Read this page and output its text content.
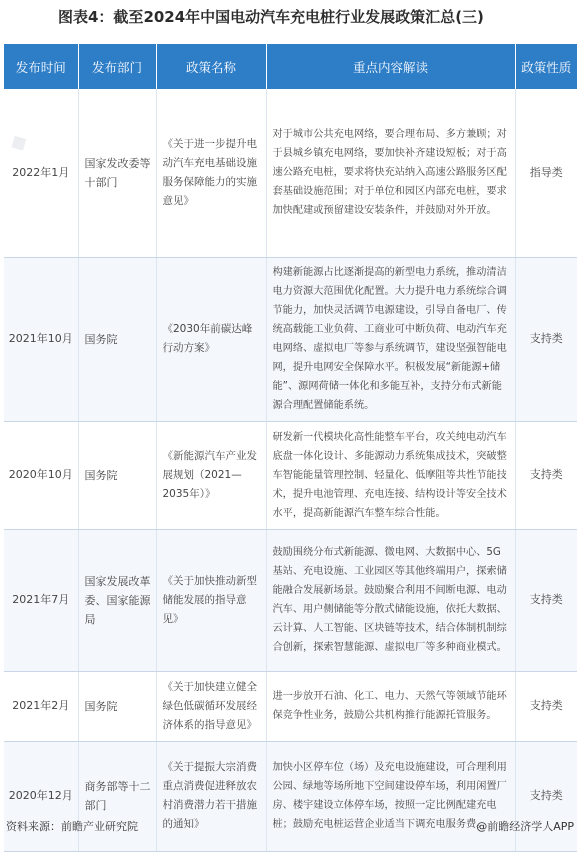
图表4：截至2024年中国电动汽车充电桩行业发展政策汇总(三)
◆
发布时间	发布部门	政策名称	重点内容解读	政策性质
2022年1月	国家发改委等十部门	《关于进一步提升电动汽车充电基础设施服务保障能力的实施意见》	对于城市公共充电网络，要合理布局、多方兼顾；对于县城乡镇充电网络，要加快补齐建设短板；对于高速公路充电桩，要求将快充站纳入高速公路服务区配套基础设施范围；对于单位和园区内部充电桩，要求加快配建或预留建设安装条件，并鼓励对外开放。	指导类
2021年10月	国务院	《2030年前碳达峰行动方案》	构建新能源占比逐渐提高的新型电力系统，推动清洁电力资源大范围优化配置。大力提升电力系统综合调节能力，加快灵活调节电源建设，引导自备电厂、传统高载能工业负荷、工商业可中断负荷、电动汽车充电网络、虚拟电厂等参与系统调节，建设坚强智能电网，提升电网安全保障水平。积极发展“新能源+储能”、源网荷储一体化和多能互补，支持分布式新能源合理配置储能系统。	支持类
2020年10月	国务院	《新能源汽车产业发展规划（2021—2035年）》	研发新一代模块化高性能整车平台，攻关纯电动汽车底盘一体化设计、多能源动力系统集成技术，突破整车智能能量管理控制、轻量化、低摩阻等共性节能技术，提升电池管理、充电连接、结构设计等安全技术水平，提高新能源汽车整车综合性能。	支持类
2021年7月	国家发展改革委、国家能源局	《关于加快推动新型储能发展的指导意见》	鼓励围绕分布式新能源、微电网、大数据中心、5G基站、充电设施、工业园区等其他终端用户，探索储能融合发展新场景。鼓励聚合利用不间断电源、电动汽车、用户侧储能等分散式储能设施，依托大数据、云计算、人工智能、区块链等技术，结合体制机制综合创新，探索智慧能源、虚拟电厂等多种商业模式。	支持类
2021年2月	国务院	《关于加快建立健全绿色低碳循环发展经济体系的指导意见》	进一步放开石油、化工、电力、天然气等领域节能环保竞争性业务，鼓励公共机构推行能源托管服务。	支持类
2020年12月	商务部等十二部门	《关于提振大宗消费重点消费促进释放农村消费潜力若干措施的通知》	加快小区停车位（场）及充电设施建设，可合理利用公园、绿地等场所地下空间建设停车场，利用闲置厂房、楼宇建设立体停车场，按照一定比例配建充电桩；鼓励充电桩运营企业适当下调充电服务费。	支持类
资料来源：前瞻产业研究院	@前瞻经济学人APP
